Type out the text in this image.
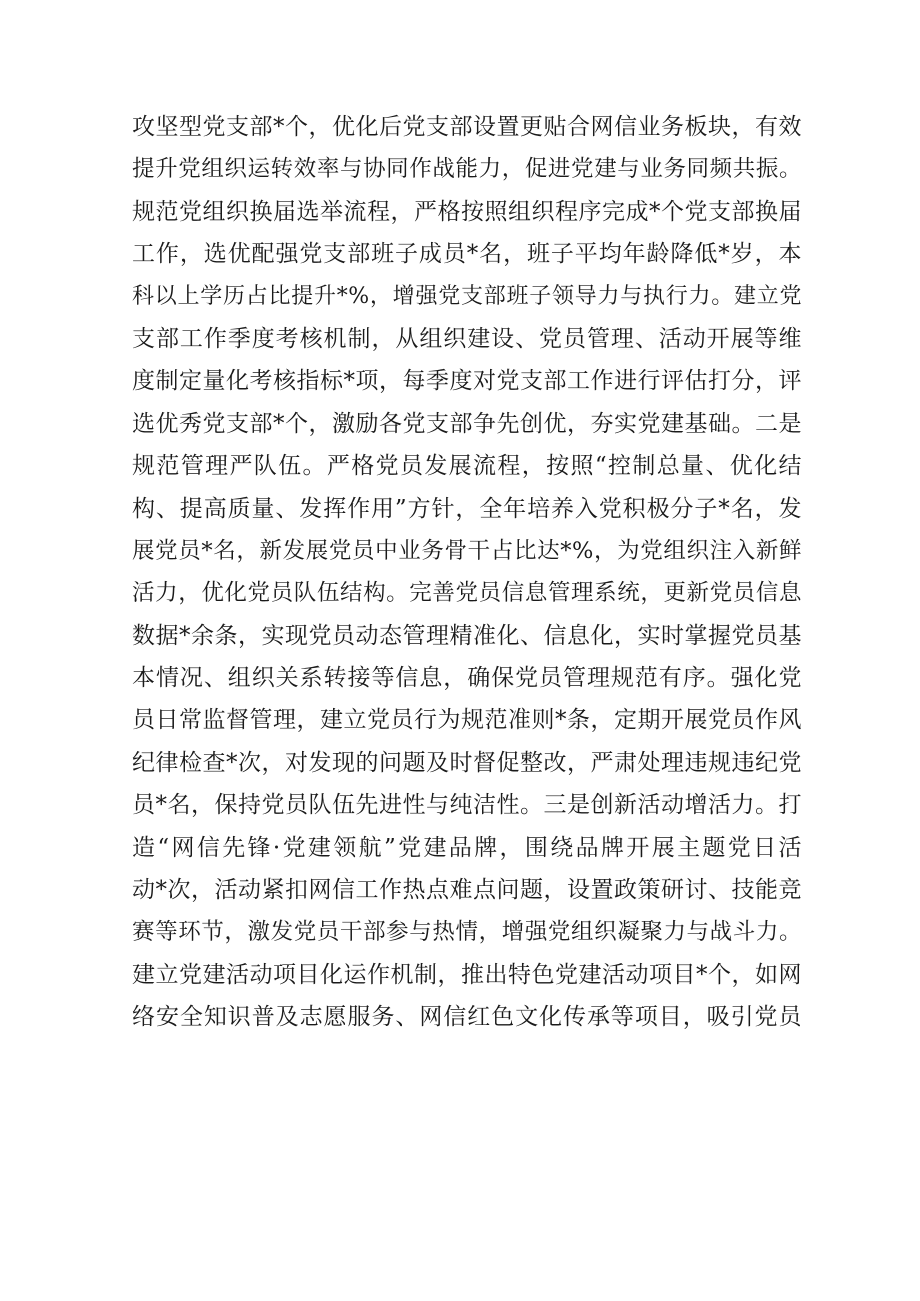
攻坚型党支部*个，优化后党支部设置更贴合网信业务板块，有效
提升党组织运转效率与协同作战能力，促进党建与业务同频共振。
规范党组织换届选举流程，严格按照组织程序完成*个党支部换届
工作，选优配强党支部班子成员*名，班子平均年龄降低*岁，本
科以上学历占比提升*%，增强党支部班子领导力与执行力。建立党
支部工作季度考核机制，从组织建设、党员管理、活动开展等维
度制定量化考核指标*项，每季度对党支部工作进行评估打分，评
选优秀党支部*个，激励各党支部争先创优，夯实党建基础。二是
规范管理严队伍。严格党员发展流程，按照“控制总量、优化结
构、提高质量、发挥作用”方针，全年培养入党积极分子*名，发
展党员*名，新发展党员中业务骨干占比达*%，为党组织注入新鲜
活力，优化党员队伍结构。完善党员信息管理系统，更新党员信息
数据*余条，实现党员动态管理精准化、信息化，实时掌握党员基
本情况、组织关系转接等信息，确保党员管理规范有序。强化党
员日常监督管理，建立党员行为规范准则*条，定期开展党员作风
纪律检查*次，对发现的问题及时督促整改，严肃处理违规违纪党
员*名，保持党员队伍先进性与纯洁性。三是创新活动增活力。打
造“网信先锋·党建领航”党建品牌，围绕品牌开展主题党日活
动*次，活动紧扣网信工作热点难点问题，设置政策研讨、技能竞
赛等环节，激发党员干部参与热情，增强党组织凝聚力与战斗力。
建立党建活动项目化运作机制，推出特色党建活动项目*个，如网
络安全知识普及志愿服务、网信红色文化传承等项目，吸引党员
